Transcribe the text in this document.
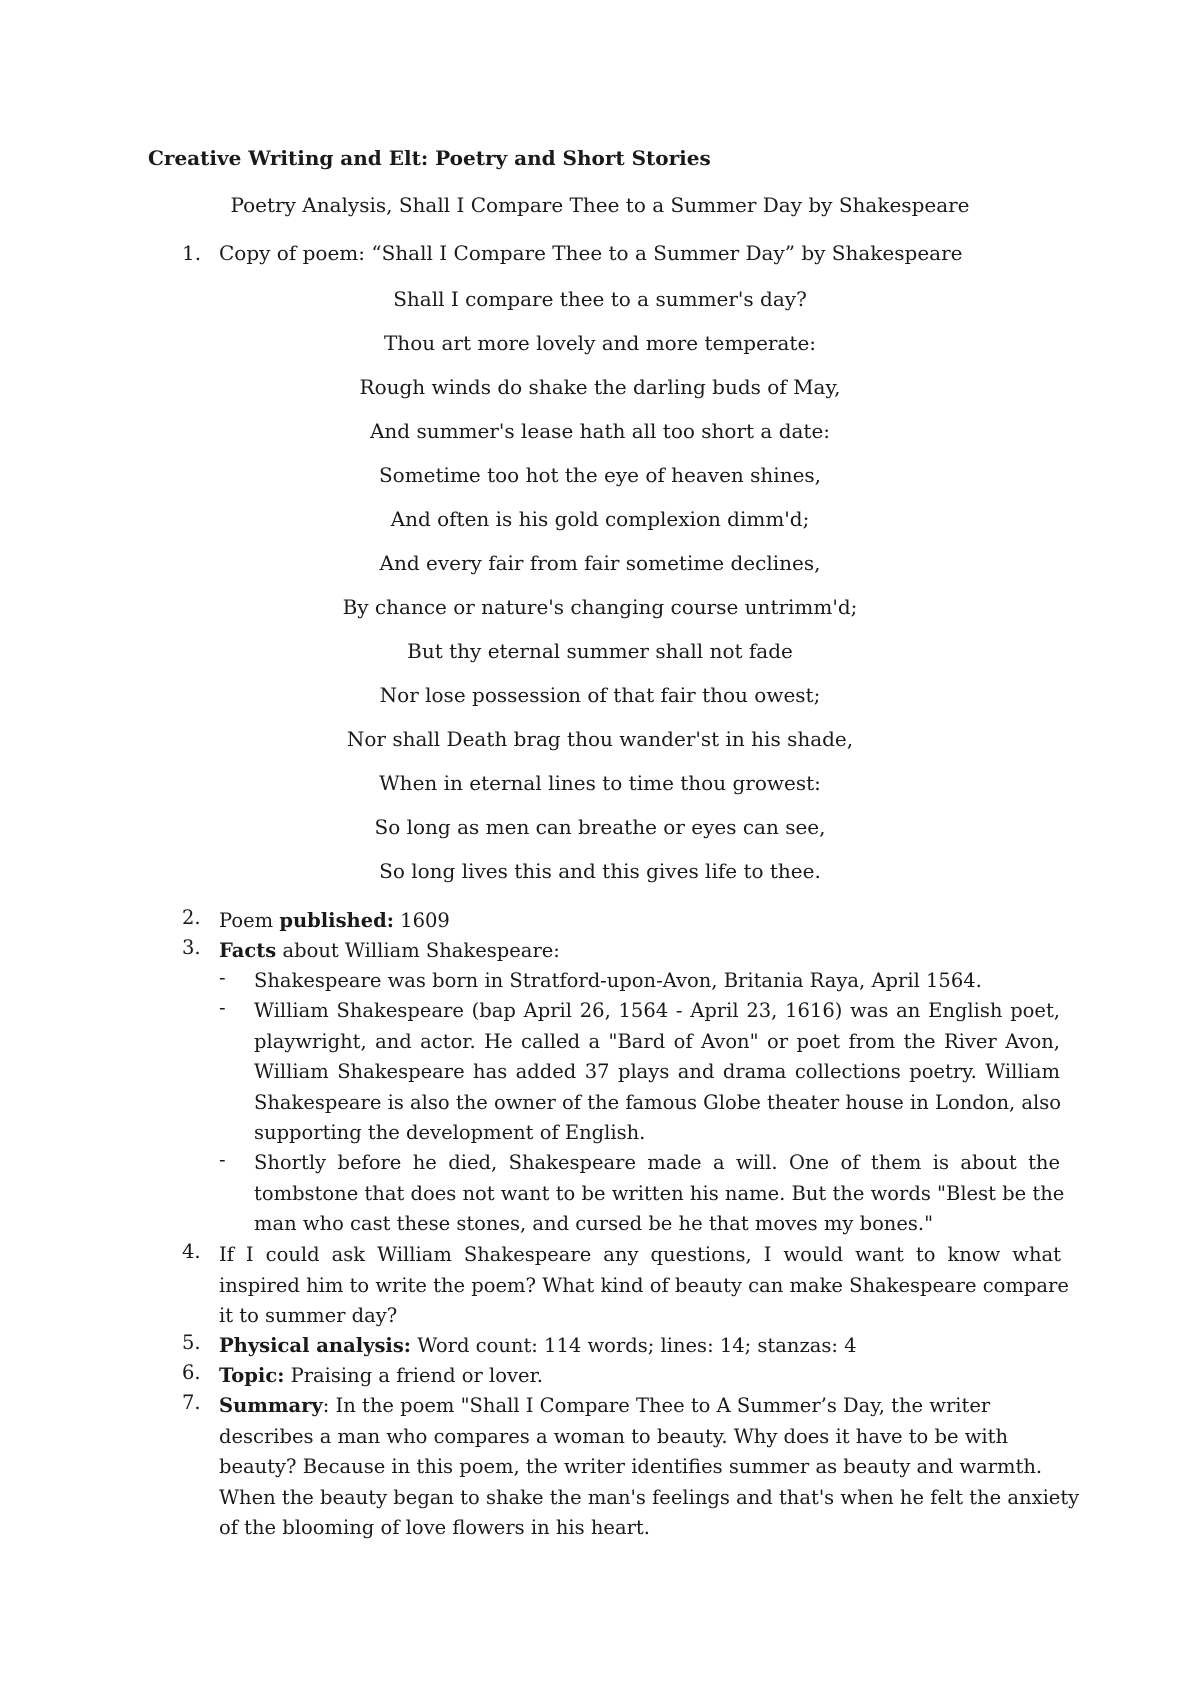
Creative Writing and Elt: Poetry and Short Stories
Poetry Analysis, Shall I Compare Thee to a Summer Day by Shakespeare
1. Copy of poem: “Shall I Compare Thee to a Summer Day” by Shakespeare
Shall I compare thee to a summer's day?
Thou art more lovely and more temperate:
Rough winds do shake the darling buds of May,
And summer's lease hath all too short a date:
Sometime too hot the eye of heaven shines,
And often is his gold complexion dimm'd;
And every fair from fair sometime declines,
By chance or nature's changing course untrimm'd;
But thy eternal summer shall not fade
Nor lose possession of that fair thou owest;
Nor shall Death brag thou wander'st in his shade,
When in eternal lines to time thou growest:
So long as men can breathe or eyes can see,
So long lives this and this gives life to thee.
2. Poem published: 1609
3. Facts about William Shakespeare:
-	Shakespeare was born in Stratford-upon-Avon, Britania Raya, April 1564.
-	William Shakespeare (bap April 26, 1564 - April 23, 1616) was an English poet,
playwright, and actor. He called a "Bard of Avon" or poet from the River Avon,
William Shakespeare has added 37 plays and drama collections poetry. William
Shakespeare is also the owner of the famous Globe theater house in London, also
supporting the development of English.
-	Shortly before he died, Shakespeare made a will. One of them is about the
tombstone that does not want to be written his name. But the words "Blest be the
man who cast these stones, and cursed be he that moves my bones."
4. If I could ask William Shakespeare any questions, I would want to know what
inspired him to write the poem? What kind of beauty can make Shakespeare compare
it to summer day?
5. Physical analysis: Word count: 114 words; lines: 14; stanzas: 4
6. Topic: Praising a friend or lover.
7. Summary: In the poem "Shall I Compare Thee to A Summer’s Day, the writer
describes a man who compares a woman to beauty. Why does it have to be with
beauty? Because in this poem, the writer identifies summer as beauty and warmth.
When the beauty began to shake the man's feelings and that's when he felt the anxiety
of the blooming of love flowers in his heart.
